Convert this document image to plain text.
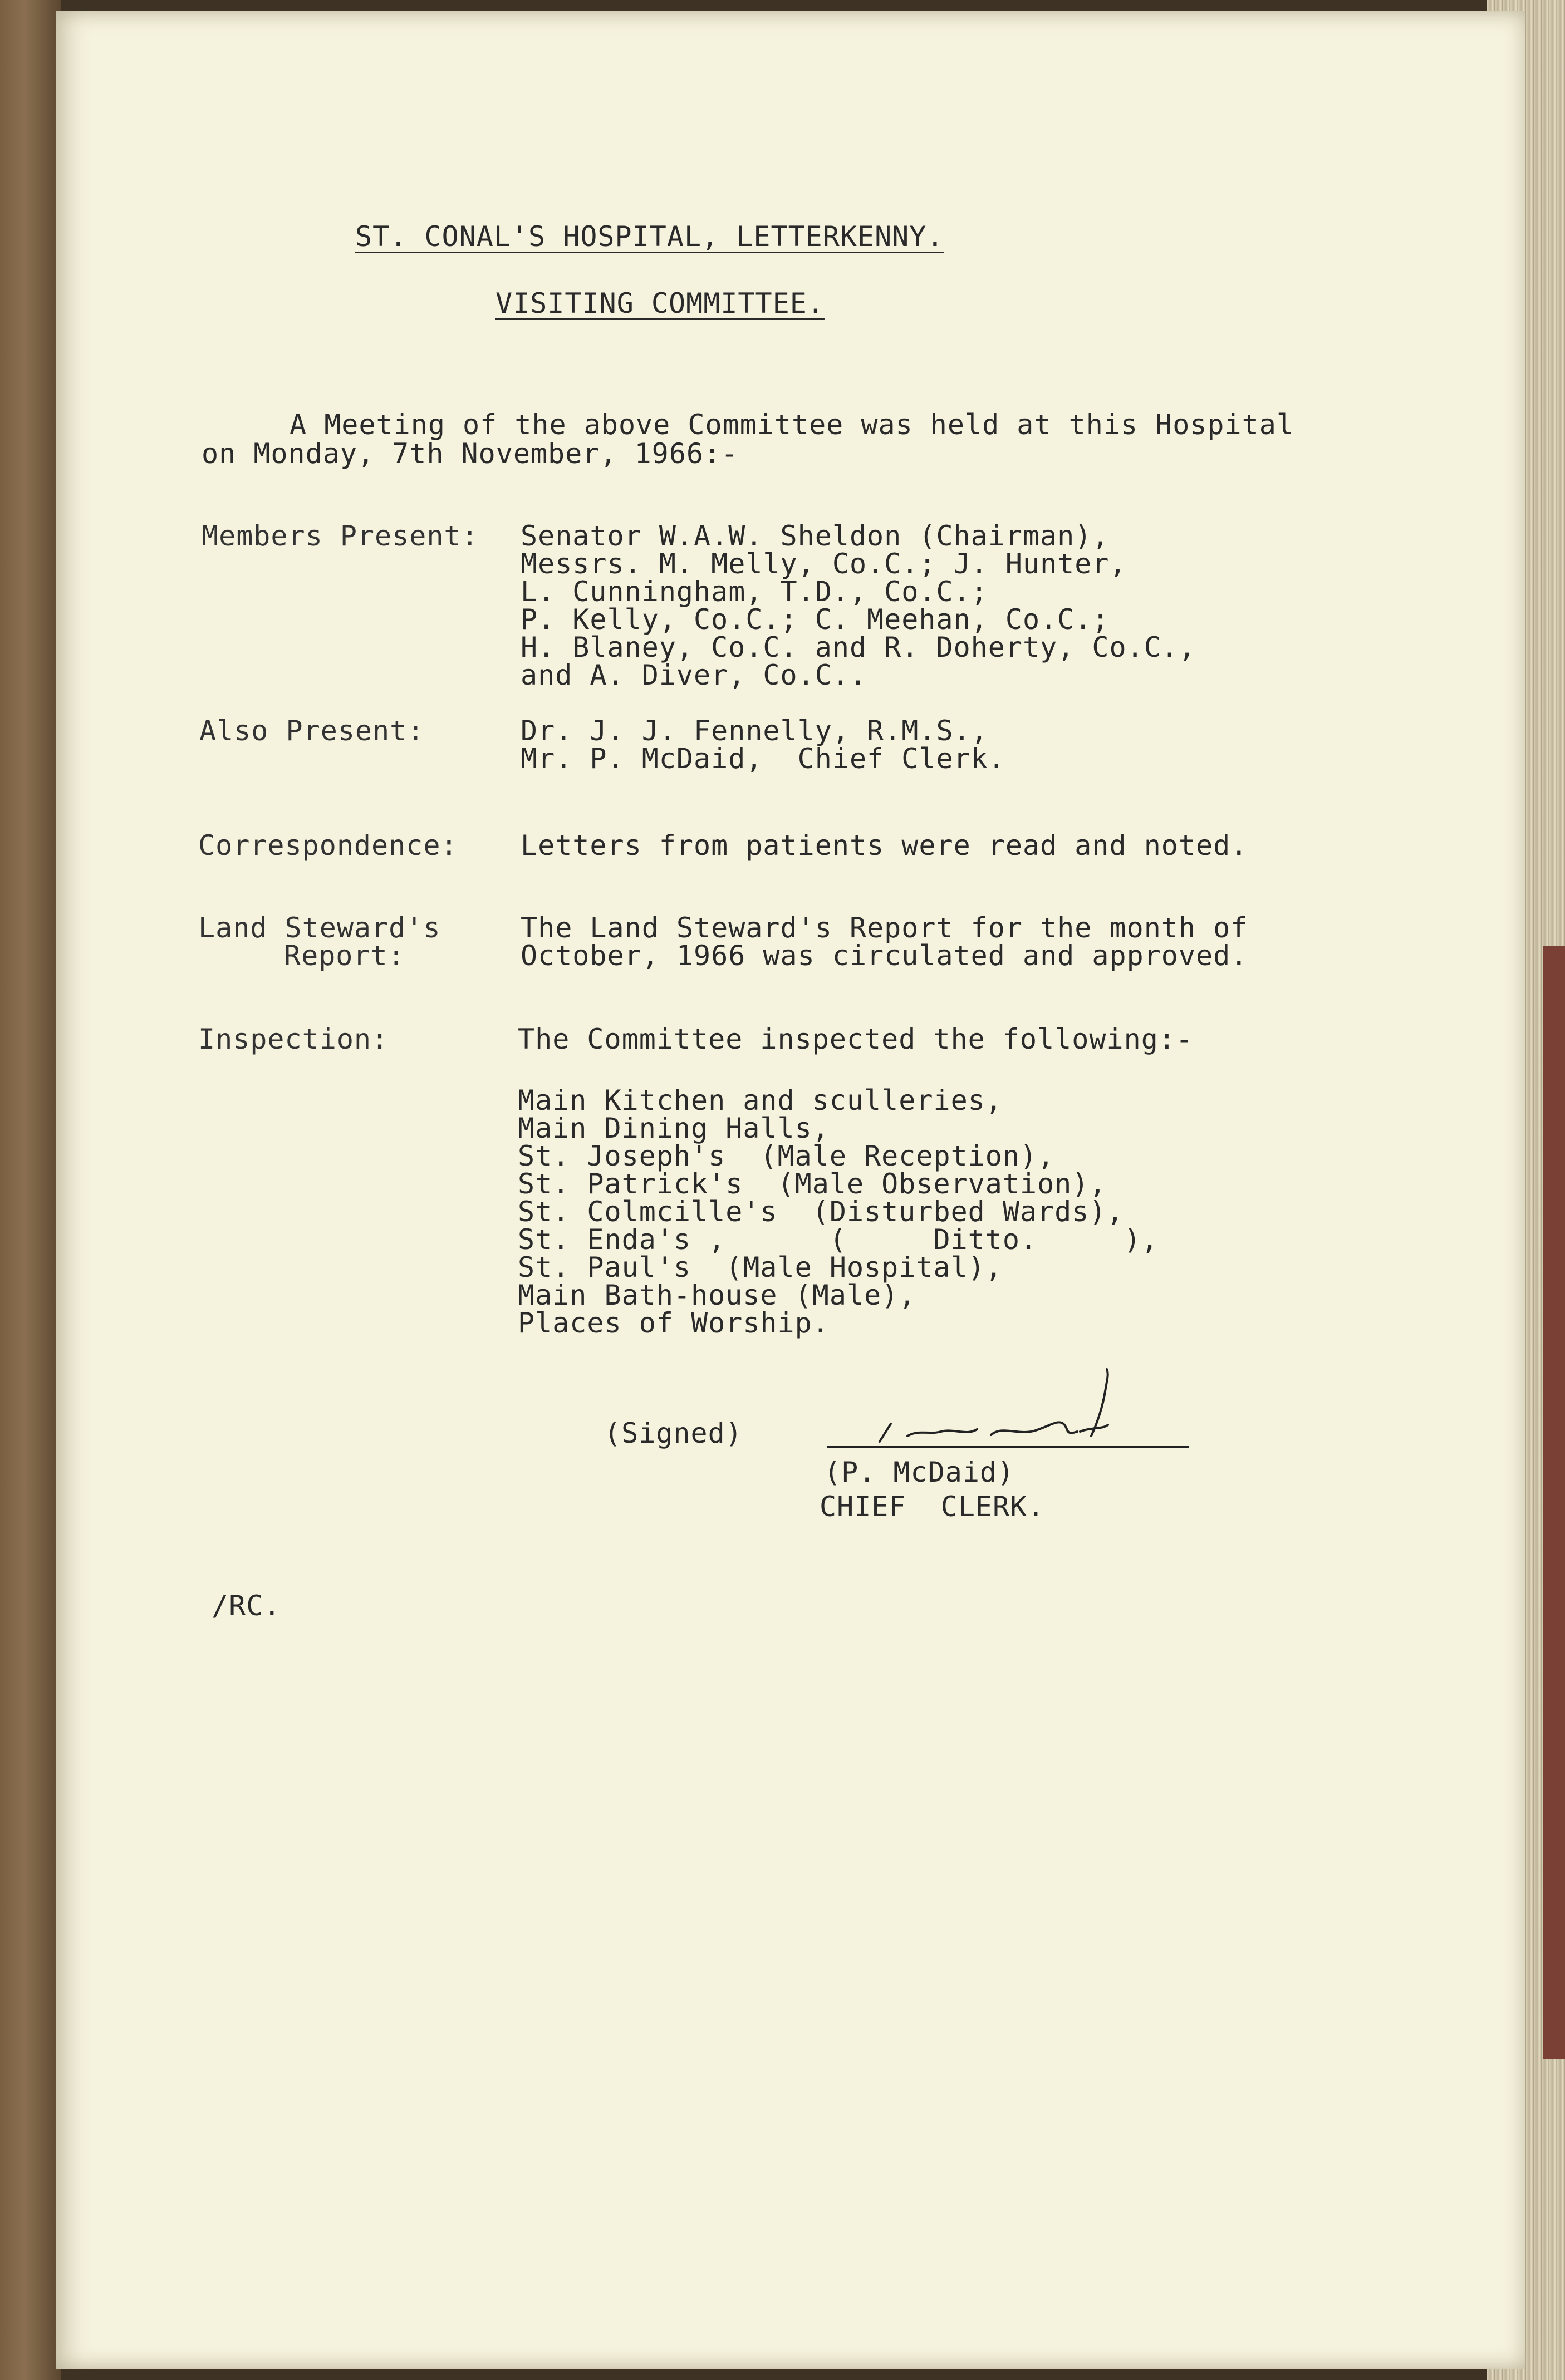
ST. CONAL'S HOSPITAL, LETTERKENNY.
VISITING COMMITTEE.
A Meeting of the above Committee was held at this Hospital
on Monday, 7th November, 1966:-
Members Present: Senator W.A.W. Sheldon (Chairman),
Messrs. M. Melly, Co.C.; J. Hunter,
L. Cunningham, T.D., Co.C.;
P. Kelly, Co.C.; C. Meehan, Co.C.;
H. Blaney, Co.C. and R. Doherty, Co.C.,
and A. Diver, Co.C..
Also Present:	Dr. J. J. Fennelly, R.M.S.,
Mr. P. McDaid,  Chief Clerk.
Correspondence: Letters from patients were read and noted.
Land Steward's
Report:
The Land Steward's Report for the month of
October, 1966 was circulated and approved.
Inspection:	The Committee inspected the following:-
Main Kitchen and sculleries,
Main Dining Halls,
St. Joseph's  (Male Reception),
St. Patrick's  (Male Observation),
St. Colmcille's  (Disturbed Wards),
St. Enda's ,      (     Ditto.     ),
St. Paul's  (Male Hospital),
Main Bath-house (Male),
Places of Worship.
(Signed)
(P. McDaid)
CHIEF  CLERK.
/RC.
